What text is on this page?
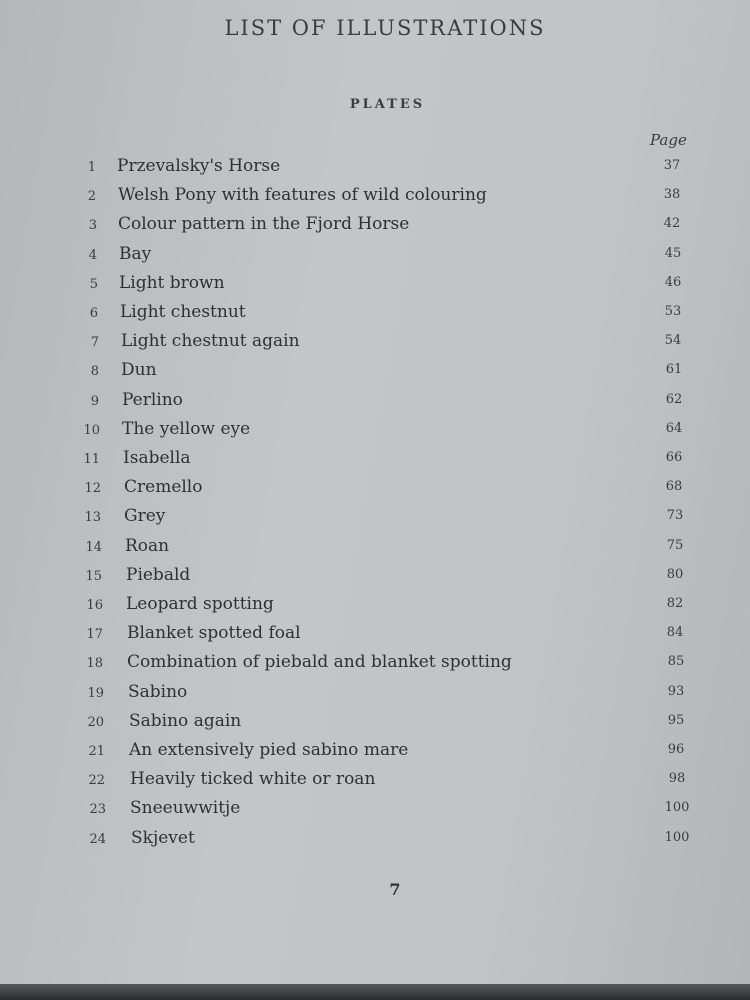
LIST OF ILLUSTRATIONS
PLATES
Page
1 Przevalsky's Horse	37
2 Welsh Pony with features of wild colouring	38
3 Colour pattern in the Fjord Horse	42
4 Bay	45
5 Light brown	46
6 Light chestnut	53
7 Light chestnut again	54
8 Dun	61
9 Perlino	62
10 The yellow eye	64
11 Isabella	66
12 Cremello	68
13 Grey	73
14 Roan	75
15 Piebald	80
16 Leopard spotting	82
17 Blanket spotted foal	84
18 Combination of piebald and blanket spotting	85
19 Sabino	93
20 Sabino again	95
21 An extensively pied sabino mare	96
22 Heavily ticked white or roan	98
23 Sneeuwwitje	100
24 Skjevet	100
7
